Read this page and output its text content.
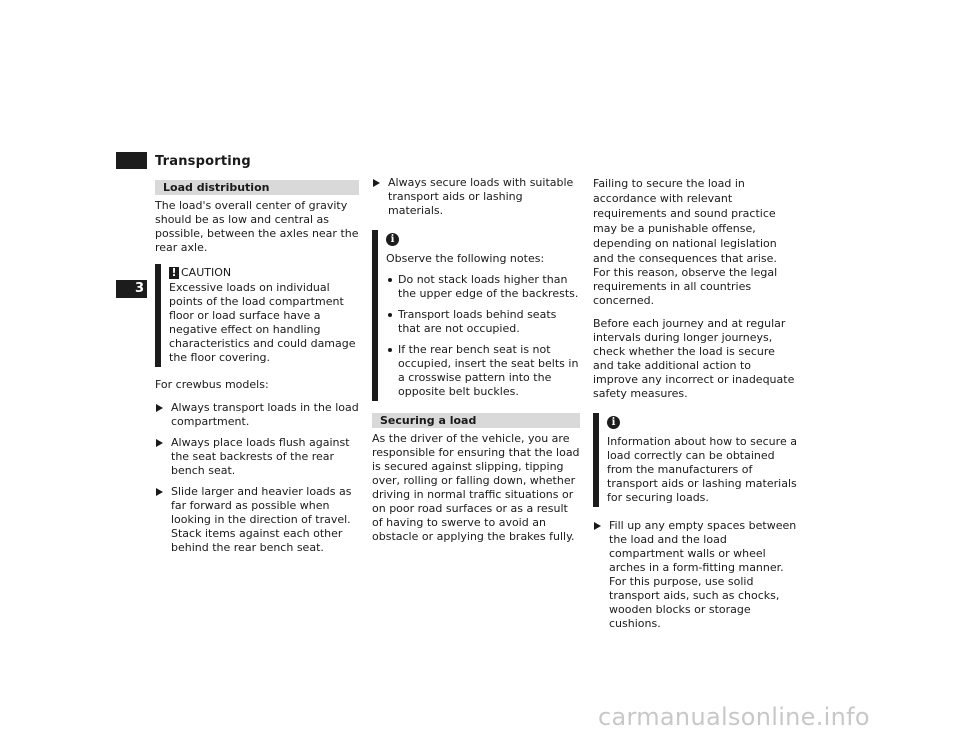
Transporting
3
Load distribution

The load's overall center of gravity should be as low and central as possible, between the axles near the rear axle.

! CAUTION
Excessive loads on individual points of the load compartment floor or load surface have a negative effect on handling characteristics and could damage the floor covering.

For crewbus models:

Always transport loads in the load compartment.
Always place loads flush against the seat backrests of the rear bench seat.
Slide larger and heavier loads as far forward as possible when looking in the direction of travel. Stack items against each other behind the rear bench seat.
Always secure loads with suitable transport aids or lashing materials.
i
Observe the following notes:
Do not stack loads higher than the upper edge of the backrests.
Transport loads behind seats that are not occupied.
If the rear bench seat is not occupied, insert the seat belts in a crosswise pattern into the opposite belt buckles.
Securing a load

As the driver of the vehicle, you are responsible for ensuring that the load is secured against slipping, tipping over, rolling or falling down, whether driving in normal traffic situations or on poor road surfaces or as a result of having to swerve to avoid an obstacle or applying the brakes fully.

Failing to secure the load in accordance with relevant requirements and sound practice may be a punishable offense, depending on national legislation and the consequences that arise.

For this reason, observe the legal requirements in all countries concerned.

Before each journey and at regular intervals during longer journeys, check whether the load is secure and take additional action to improve any incorrect or inadequate safety measures.

i
Information about how to secure a load correctly can be obtained from the manufacturers of transport aids or lashing materials for securing loads.
Fill up any empty spaces between the load and the load compartment walls or wheel arches in a form-fitting manner. For this purpose, use solid transport aids, such as chocks, wooden blocks or storage cushions.
carmanualsonline.info
